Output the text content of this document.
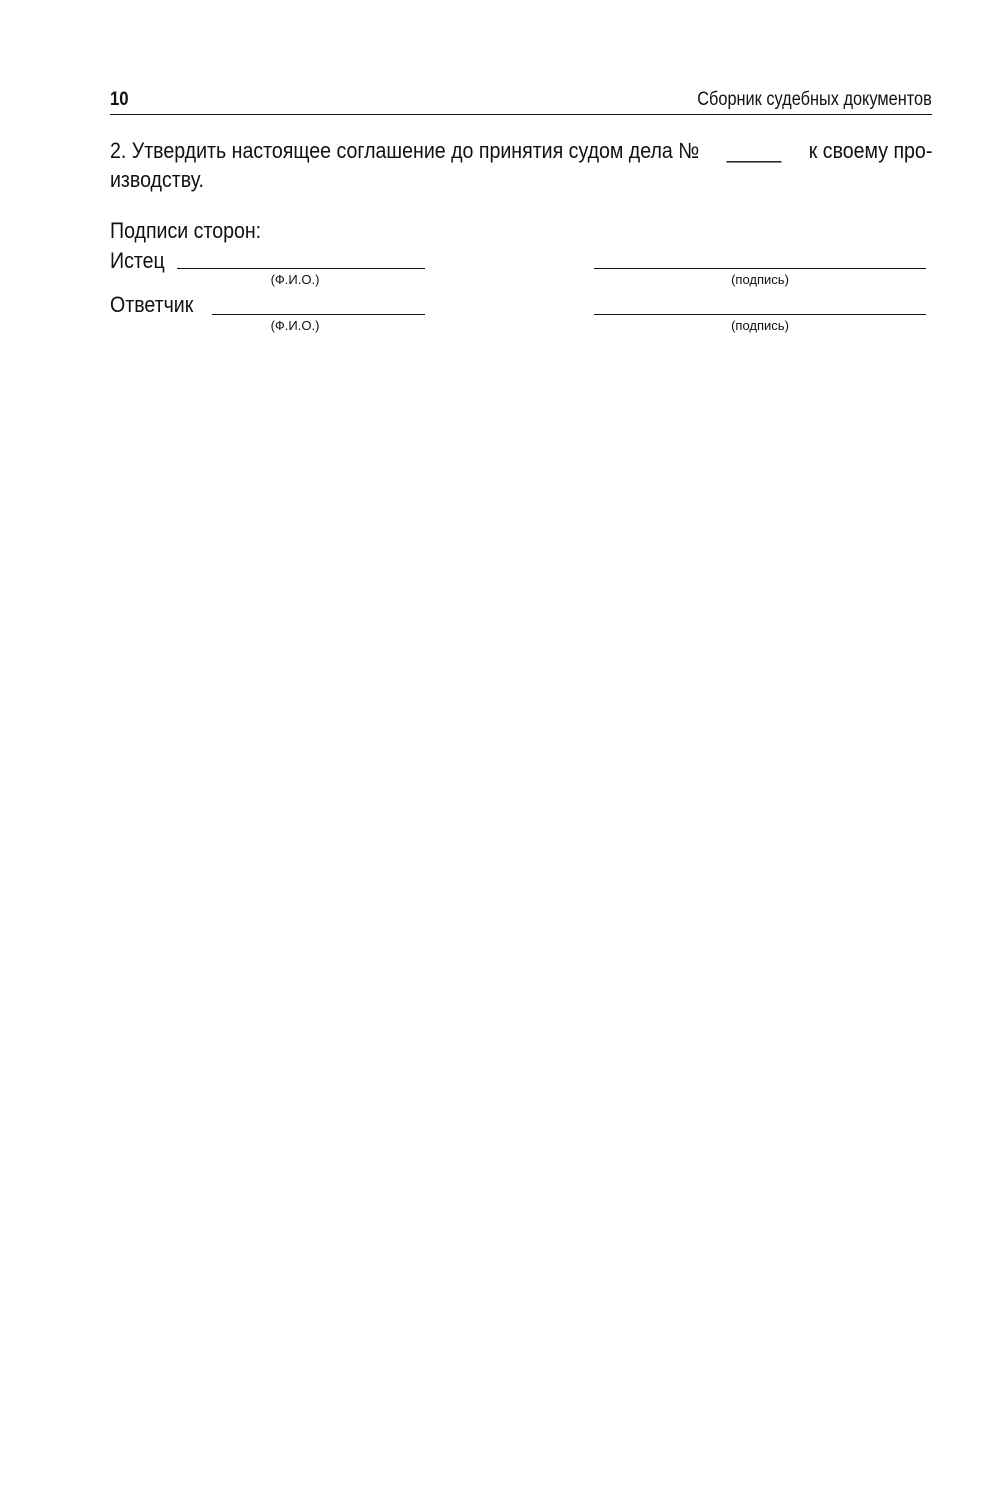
10	Сборник судебных документов
2. Утвердить настоящее соглашение до принятия судом дела № _____ к своему про-
изводству.
Подписи сторон:
Истец
(Ф.И.О.)	(подпись)
Ответчик
(Ф.И.О.)	(подпись)
